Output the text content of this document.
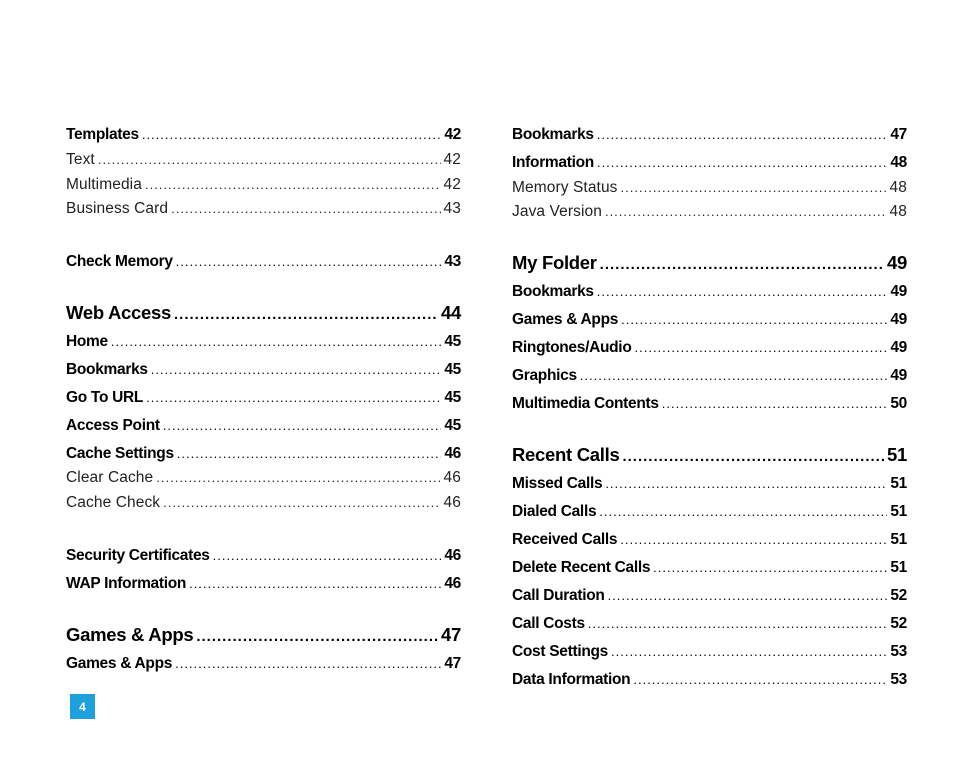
Templates .....	42
Text .....	42
Multimedia .....	42
Business Card .....	43
Check Memory .....	43
Web Access .....	44
Home .....	45
Bookmarks .....	45
Go To URL .....	45
Access Point .....	45
Cache Settings .....	46
Clear Cache .....	46
Cache Check .....	46
Security Certificates .....	46
WAP Information .....	46
Games & Apps .....	47
Games & Apps .....	47
Bookmarks .....	47
Information .....	48
Memory Status .....	48
Java Version .....	48
My Folder .....	49
Bookmarks .....	49
Games & Apps .....	49
Ringtones/Audio .....	49
Graphics .....	49
Multimedia Contents .....	50
Recent Calls .....	51
Missed Calls .....	51
Dialed Calls .....	51
Received Calls .....	51
Delete Recent Calls .....	51
Call Duration .....	52
Call Costs .....	52
Cost Settings .....	53
Data Information .....	53
4
